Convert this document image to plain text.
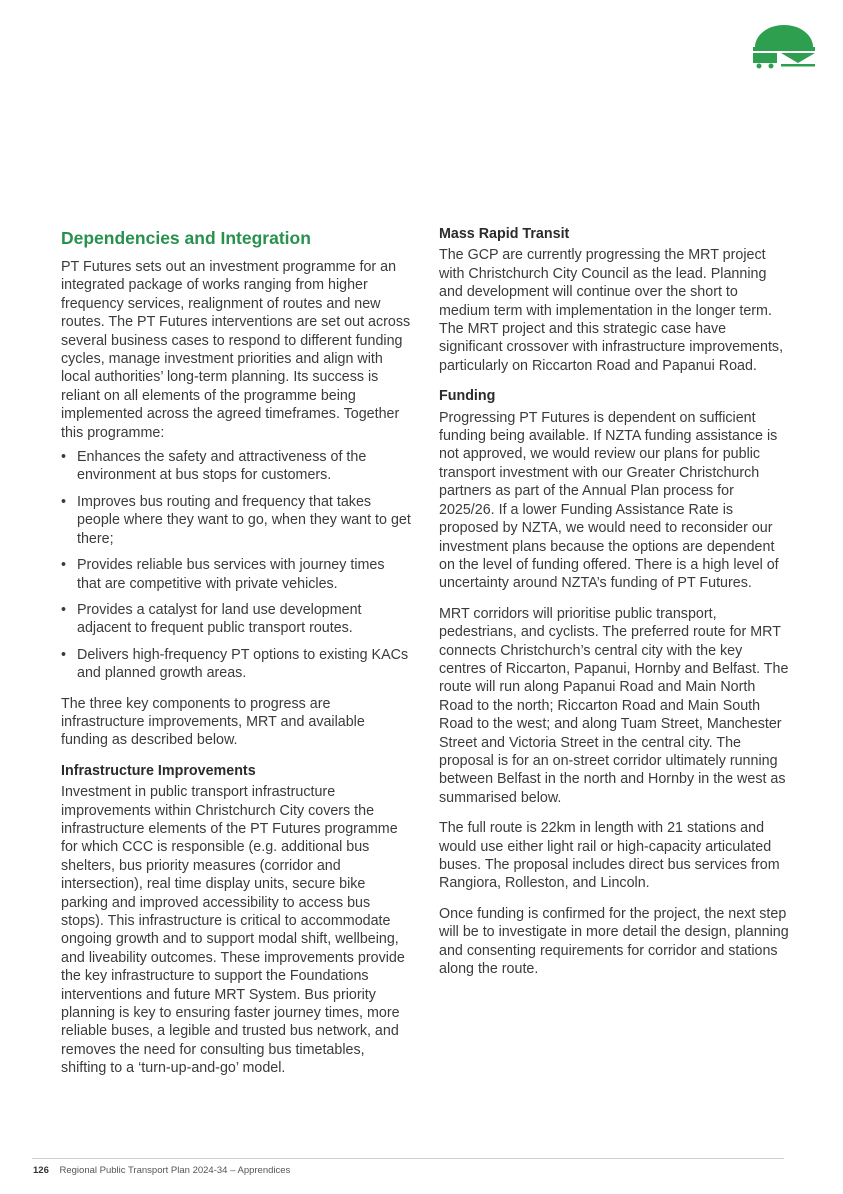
Dependencies and Integration

PT Futures sets out an investment programme for an integrated package of works ranging from higher frequency services, realignment of routes and new routes. The PT Futures interventions are set out across several business cases to respond to different funding cycles, manage investment priorities and align with local authorities’ long-term planning. Its success is reliant on all elements of the programme being implemented across the agreed timeframes. Together this programme:

• Enhances the safety and attractiveness of the environment at bus stops for customers.
• Improves bus routing and frequency that takes people where they want to go, when they want to get there;
• Provides reliable bus services with journey times that are competitive with private vehicles.
• Provides a catalyst for land use development adjacent to frequent public transport routes.
• Delivers high-frequency PT options to existing KACs and planned growth areas.

The three key components to progress are infrastructure improvements, MRT and available funding as described below.

Infrastructure Improvements

Investment in public transport infrastructure improvements within Christchurch City covers the infrastructure elements of the PT Futures programme for which CCC is responsible (e.g. additional bus shelters, bus priority measures (corridor and intersection), real time display units, secure bike parking and improved accessibility to access bus stops). This infrastructure is critical to accommodate ongoing growth and to support modal shift, wellbeing, and liveability outcomes. These improvements provide the key infrastructure to support the Foundations interventions and future MRT System. Bus priority planning is key to ensuring faster journey times, more reliable buses, a legible and trusted bus network, and removes the need for consulting bus timetables, shifting to a ‘turn-up-and-go’ model.

Mass Rapid Transit

The GCP are currently progressing the MRT project with Christchurch City Council as the lead. Planning and development will continue over the short to medium term with implementation in the longer term. The MRT project and this strategic case have significant crossover with infrastructure improvements, particularly on Riccarton Road and Papanui Road.

Funding

Progressing PT Futures is dependent on sufficient funding being available. If NZTA funding assistance is not approved, we would review our plans for public transport investment with our Greater Christchurch partners as part of the Annual Plan process for 2025/26. If a lower Funding Assistance Rate is proposed by NZTA, we would need to reconsider our investment plans because the options are dependent on the level of funding offered. There is a high level of uncertainty around NZTA’s funding of PT Futures.

MRT corridors will prioritise public transport, pedestrians, and cyclists. The preferred route for MRT connects Christchurch’s central city with the key centres of Riccarton, Papanui, Hornby and Belfast. The route will run along Papanui Road and Main North Road to the north; Riccarton Road and Main South Road to the west; and along Tuam Street, Manchester Street and Victoria Street in the central city. The proposal is for an on-street corridor ultimately running between Belfast in the north and Hornby in the west as summarised below.

The full route is 22km in length with 21 stations and would use either light rail or high-capacity articulated buses. The proposal includes direct bus services from Rangiora, Rolleston, and Lincoln.

Once funding is confirmed for the project, the next step will be to investigate in more detail the design, planning and consenting requirements for corridor and stations along the route.

126 Regional Public Transport Plan 2024-34 – Apprendices
